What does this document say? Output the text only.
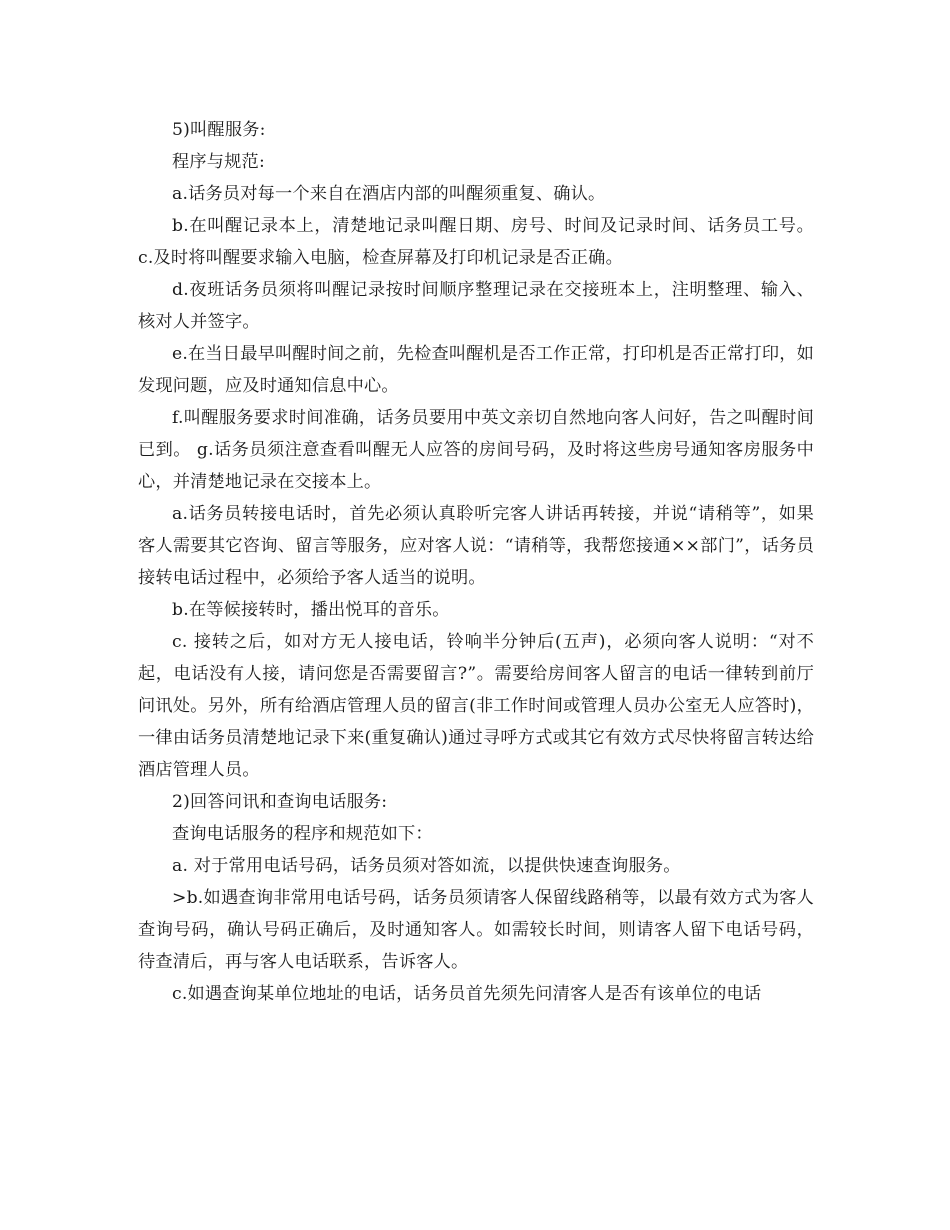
5)叫醒服务:

程序与规范:

a.话务员对每一个来自在酒店内部的叫醒须重复、确认。

b.在叫醒记录本上，清楚地记录叫醒日期、房号、时间及记录时间、话务员工号。 c.及时将叫醒要求输入电脑，检查屏幕及打印机记录是否正确。

d.夜班话务员须将叫醒记录按时间顺序整理记录在交接班本上，注明整理、输入、核对人并签字。

e.在当日最早叫醒时间之前，先检查叫醒机是否工作正常，打印机是否正常打印，如发现问题，应及时通知信息中心。

f.叫醒服务要求时间准确，话务员要用中英文亲切自然地向客人问好，告之叫醒时间已到。 g.话务员须注意查看叫醒无人应答的房间号码，及时将这些房号通知客房服务中心，并清楚地记录在交接本上。

a.话务员转接电话时，首先必须认真聆听完客人讲话再转接，并说“请稍等”，如果客人需要其它咨询、留言等服务，应对客人说：“请稍等，我帮您接通××部门”，话务员接转电话过程中，必须给予客人适当的说明。

b.在等候接转时，播出悦耳的音乐。

c. 接转之后，如对方无人接电话，铃响半分钟后(五声)，必须向客人说明：“对不起，电话没有人接，请问您是否需要留言?”。需要给房间客人留言的电话一律转到前厅问讯处。另外，所有给酒店管理人员的留言(非工作时间或管理人员办公室无人应答时)，一律由话务员清楚地记录下来(重复确认)通过寻呼方式或其它有效方式尽快将留言转达给酒店管理人员。

2)回答问讯和查询电话服务:

查询电话服务的程序和规范如下：

a. 对于常用电话号码，话务员须对答如流，以提供快速查询服务。

>b.如遇查询非常用电话号码，话务员须请客人保留线路稍等，以最有效方式为客人查询号码，确认号码正确后，及时通知客人。如需较长时间，则请客人留下电话号码，待查清后，再与客人电话联系，告诉客人。

c.如遇查询某单位地址的电话，话务员首先须先问清客人是否有该单位的电话
